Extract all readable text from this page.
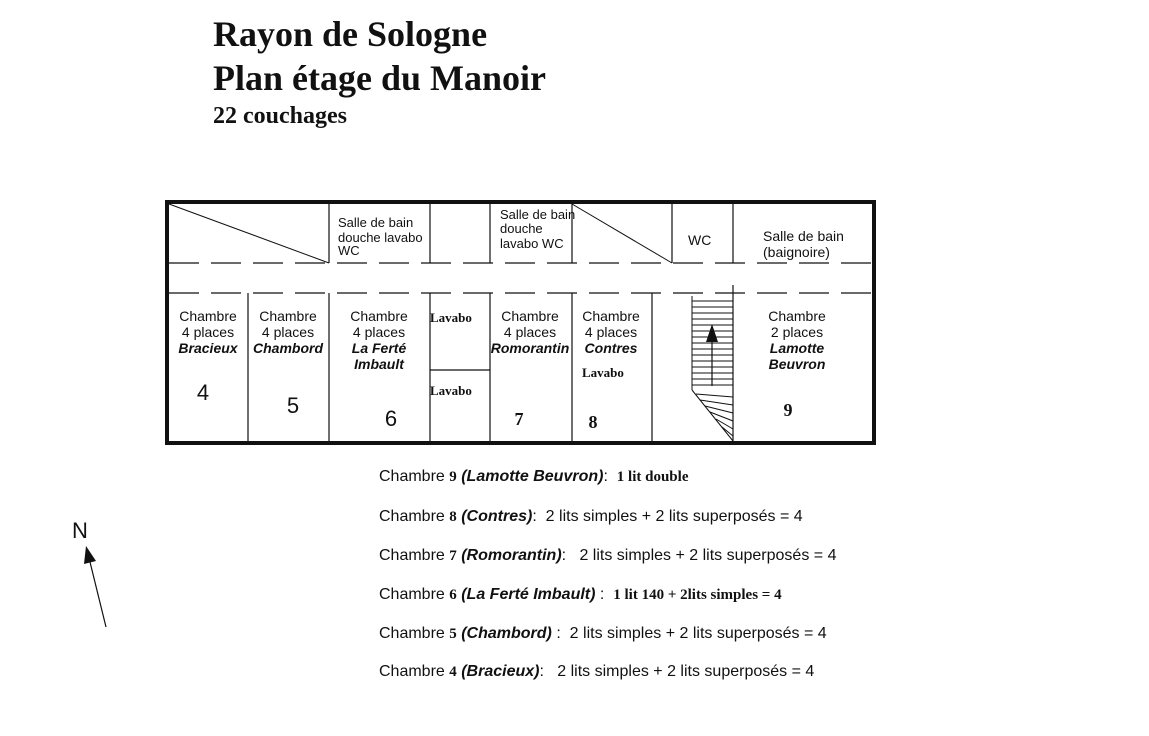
Rayon de Sologne
Plan étage du Manoir
22 couchages
Salle de bain
douche lavabo
WC
Salle de bain
douche
lavabo WC	WC	Salle de bain
(baignoire)
Chambre
4 places
Bracieux
4
Chambre
4 places
Chambord
5
Chambre
4 places
La Ferté
Imbault
6
Lavabo
Lavabo
Chambre
4 places
Romorantin
7
Chambre
4 places
Contres
Lavabo
8
Chambre
2 places
Lamotte
Beuvron
9
N
Chambre 9 (Lamotte Beuvron): 1 lit double
Chambre 8 (Contres): 2 lits simples + 2 lits superposés = 4
Chambre 7 (Romorantin): 2 lits simples + 2 lits superposés = 4
Chambre 6 (La Ferté Imbault) : 1 lit 140 + 2lits simples = 4
Chambre 5 (Chambord) : 2 lits simples + 2 lits superposés = 4
Chambre 4 (Bracieux): 2 lits simples + 2 lits superposés = 4
